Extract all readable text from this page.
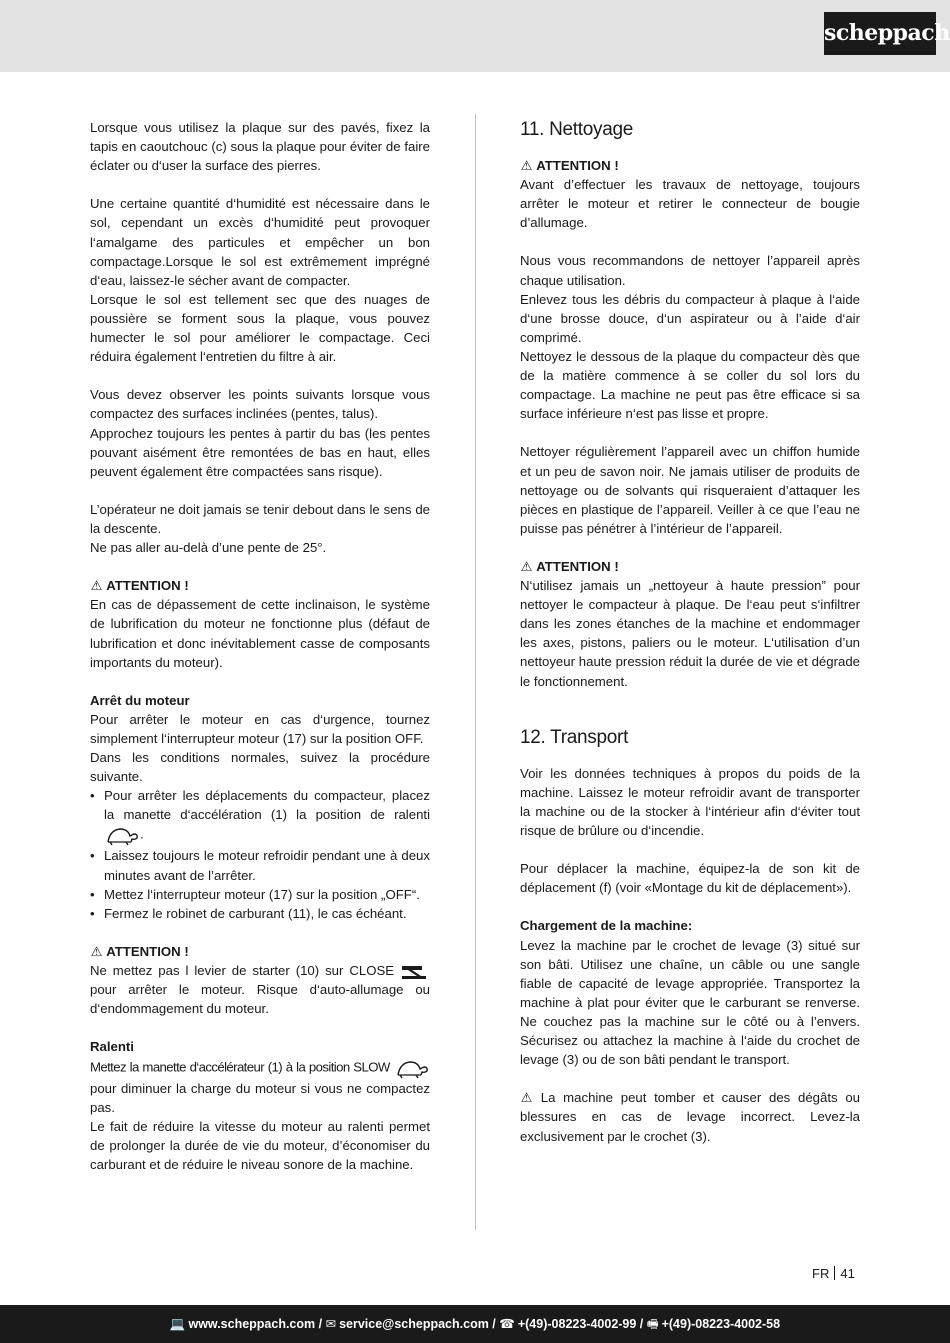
scheppach

Lorsque vous utilisez la plaque sur des pavés, fixez la tapis en caoutchouc (c) sous la plaque pour éviter de faire éclater ou d‘user la surface des pierres.

Une certaine quantité d‘humidité est nécessaire dans le sol, cependant un excès d‘humidité peut provoquer l‘amalgame des particules et empêcher un bon compactage.Lorsque le sol est extrêmement imprégné d‘eau, laissez-le sécher avant de compacter.

Lorsque le sol est tellement sec que des nuages de poussière se forment sous la plaque, vous pouvez humecter le sol pour améliorer le compactage. Ceci réduira également l‘entretien du filtre à air.

Vous devez observer les points suivants lorsque vous compactez des surfaces inclinées (pentes, talus).

Approchez toujours les pentes à partir du bas (les pentes pouvant aisément être remontées de bas en haut, elles peuvent également être compactées sans risque).

L’opérateur ne doit jamais se tenir debout dans le sens de la descente.

Ne pas aller au-delà d’une pente de 25°.

⚠ ATTENTION !

En cas de dépassement de cette inclinaison, le système de lubrification du moteur ne fonctionne plus (défaut de lubrification et donc inévitablement casse de composants importants du moteur).

Arrêt du moteur

Pour arrêter le moteur en cas d‘urgence, tournez simplement l‘interrupteur moteur (17) sur la position OFF.

Dans les conditions normales, suivez la procédure suivante.

• Pour arrêter les déplacements du compacteur, placez la manette d‘accélération (1) la position de ralenti .
• Laissez toujours le moteur refroidir pendant une à deux minutes avant de l’arrêter.
• Mettez l‘interrupteur moteur (17) sur la position „OFF“.
• Fermez le robinet de carburant (11), le cas échéant.

⚠ ATTENTION !

Ne mettez pas l levier de starter (10) sur CLOSE  pour arrêter le moteur. Risque d‘auto-allumage ou d‘endommagement du moteur.

Ralenti

Mettez la manette d‘accélérateur (1) à la position SLOW  pour diminuer la charge du moteur si vous ne compactez pas.

Le fait de réduire la vitesse du moteur au ralenti permet de prolonger la durée de vie du moteur, d’économiser du carburant et de réduire le niveau sonore de la machine.

11. Nettoyage

⚠ ATTENTION !

Avant d’effectuer les travaux de nettoyage, toujours arrêter le moteur et retirer le connecteur de bougie d’allumage.

Nous vous recommandons de nettoyer l’appareil après chaque utilisation.

Enlevez tous les débris du compacteur à plaque à l‘aide d‘une brosse douce, d‘un aspirateur ou à l’aide d‘air comprimé.

Nettoyez le dessous de la plaque du compacteur dès que de la matière commence à se coller du sol lors du compactage. La machine ne peut pas être efficace si sa surface inférieure n‘est pas lisse et propre.

Nettoyer régulièrement l’appareil avec un chiffon humide et un peu de savon noir. Ne jamais utiliser de produits de nettoyage ou de solvants qui risqueraient d’attaquer les pièces en plastique de l’appareil. Veiller à ce que l’eau ne puisse pas pénétrer à l’intérieur de l’appareil.

⚠ ATTENTION !

N‘utilisez jamais un „nettoyeur à haute pression” pour nettoyer le compacteur à plaque. De l‘eau peut s‘infiltrer dans les zones étanches de la machine et endommager les axes, pistons, paliers ou le moteur. L‘utilisation d’un nettoyeur haute pression réduit la durée de vie et dégrade le fonctionnement.

12. Transport

Voir les données techniques à propos du poids de la machine. Laissez le moteur refroidir avant de transporter la machine ou de la stocker à l‘intérieur afin d‘éviter tout risque de brûlure ou d‘incendie.

Pour déplacer la machine, équipez-la de son kit de déplacement (f) (voir «Montage du kit de déplacement»).

Chargement de la machine:

Levez la machine par le crochet de levage (3) situé sur son bâti. Utilisez une chaîne, un câble ou une sangle fiable de capacité de levage appropriée. Transportez la machine à plat pour éviter que le carburant se renverse. Ne couchez pas la machine sur le côté ou à l’envers. Sécurisez ou attachez la machine à l‘aide du crochet de levage (3) ou de son bâti pendant le transport.

⚠ La machine peut tomber et causer des dégâts ou blessures en cas de levage incorrect. Levez-la exclusivement par le crochet (3).

FR 41
💻 www.scheppach.com / ✉ service@scheppach.com / ☎ +(49)-08223-4002-99 / 🖷 +(49)-08223-4002-58
